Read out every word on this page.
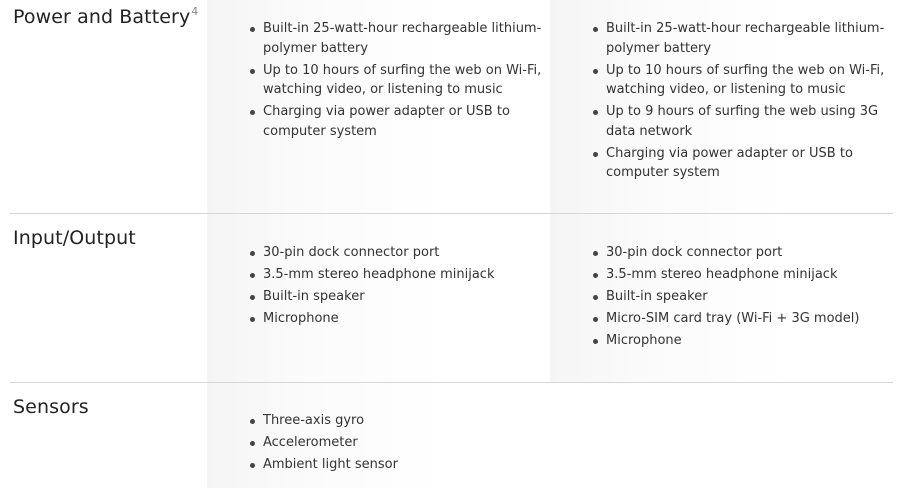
Power and Battery$^4$
Built-in 25-watt-hour rechargeable lithium-polymer battery
Up to 10 hours of surfing the web on Wi-Fi, watching video, or listening to music
Charging via power adapter or USB to computer system
Built-in 25-watt-hour rechargeable lithium-polymer battery
Up to 10 hours of surfing the web on Wi-Fi, watching video, or listening to music
Up to 9 hours of surfing the web using 3G data network
Charging via power adapter or USB to computer system
Input/Output
30-pin dock connector port
3.5-mm stereo headphone minijack
Built-in speaker
Microphone
30-pin dock connector port
3.5-mm stereo headphone minijack
Built-in speaker
Micro-SIM card tray (Wi-Fi + 3G model)
Microphone
Sensors
Three-axis gyro
Accelerometer
Ambient light sensor
